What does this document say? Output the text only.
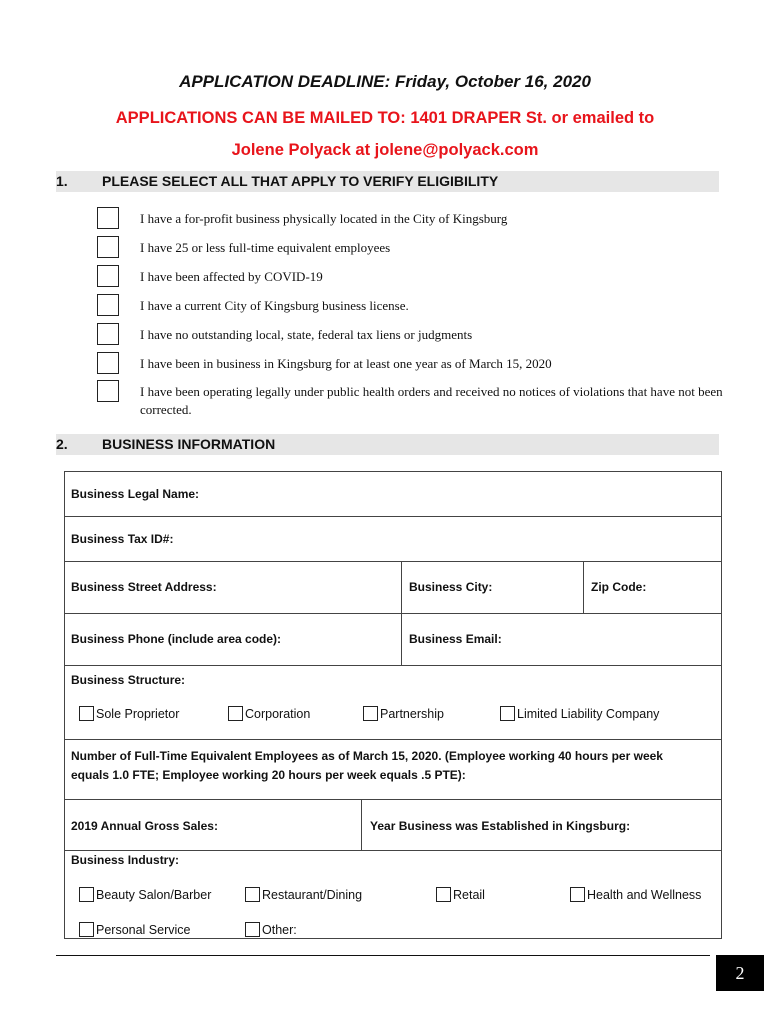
APPLICATION DEADLINE: Friday, October 16, 2020
APPLICATIONS CAN BE MAILED TO: 1401 DRAPER St. or emailed to
Jolene Polyack at jolene@polyack.com
1. PLEASE SELECT ALL THAT APPLY TO VERIFY ELIGIBILITY
I have a for-profit business physically located in the City of Kingsburg
I have 25 or less full-time equivalent employees
I have been affected by COVID-19
I have a current City of Kingsburg business license.
I have no outstanding local, state, federal tax liens or judgments
I have been in business in Kingsburg for at least one year as of March 15, 2020
I have been operating legally under public health orders and received no notices of violations that have not been corrected.
2. BUSINESS INFORMATION
Business Legal Name:
Business Tax ID#:
Business Street Address:	Business City:	Zip Code:
Business Phone (include area code):	Business Email:
Business Structure:
Sole Proprietor	Corporation	Partnership	Limited Liability Company
Number of Full-Time Equivalent Employees as of March 15, 2020. (Employee working 40 hours per week equals 1.0 FTE; Employee working 20 hours per week equals .5 PTE):
2019 Annual Gross Sales:	Year Business was Established in Kingsburg:
Business Industry:
Beauty Salon/Barber	Restaurant/Dining	Retail	Health and Wellness
Personal Service	Other:
2
